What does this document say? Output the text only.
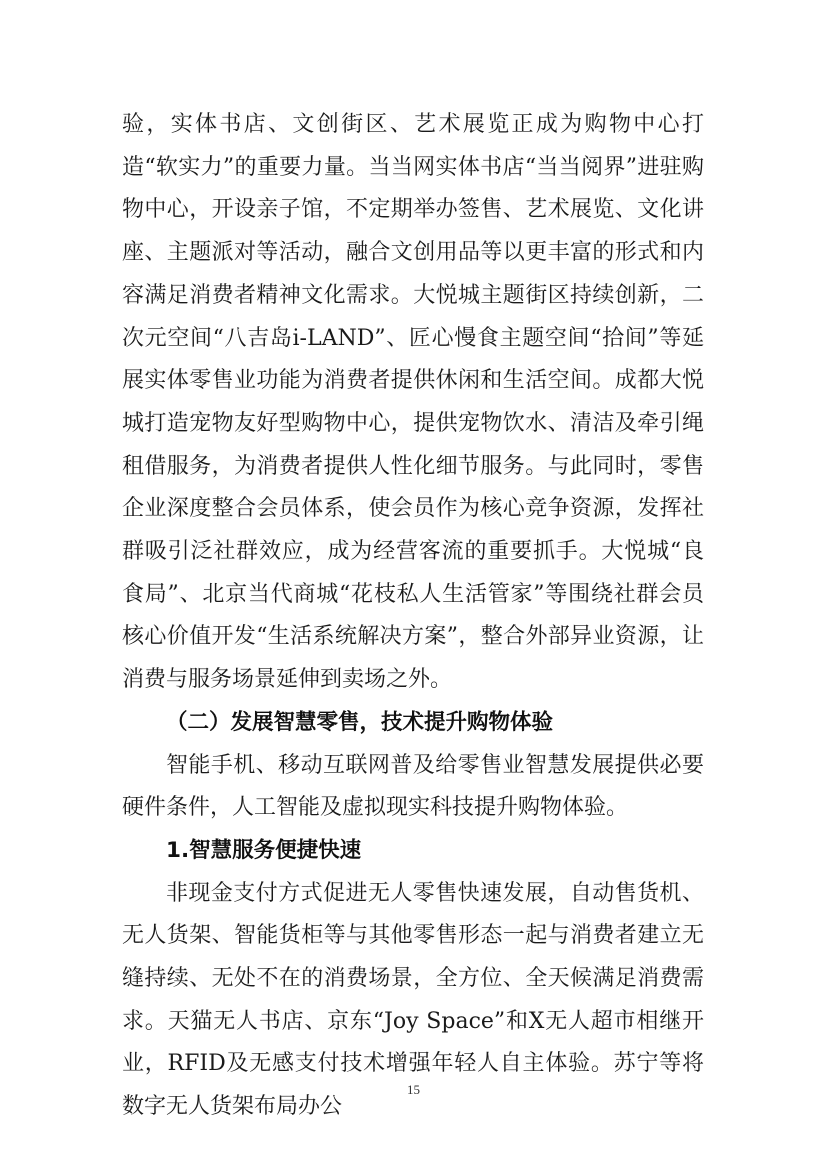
验，实体书店、文创街区、艺术展览正成为购物中心打造“软实力”的重要力量。当当网实体书店“当当阅界”进驻购物中心，开设亲子馆，不定期举办签售、艺术展览、文化讲座、主题派对等活动，融合文创用品等以更丰富的形式和内容满足消费者精神文化需求。大悦城主题街区持续创新，二次元空间“八吉岛i-LAND”、匠心慢食主题空间“拾间”等延展实体零售业功能为消费者提供休闲和生活空间。成都大悦城打造宠物友好型购物中心，提供宠物饮水、清洁及牵引绳租借服务，为消费者提供人性化细节服务。与此同时，零售企业深度整合会员体系，使会员作为核心竞争资源，发挥社群吸引泛社群效应，成为经营客流的重要抓手。大悦城“良食局”、北京当代商城“花枝私人生活管家”等围绕社群会员核心价值开发“生活系统解决方案”，整合外部异业资源，让消费与服务场景延伸到卖场之外。

（二）发展智慧零售，技术提升购物体验

智能手机、移动互联网普及给零售业智慧发展提供必要硬件条件，人工智能及虚拟现实科技提升购物体验。

1.智慧服务便捷快速

非现金支付方式促进无人零售快速发展，自动售货机、无人货架、智能货柜等与其他零售形态一起与消费者建立无缝持续、无处不在的消费场景，全方位、全天候满足消费需求。天猫无人书店、京东“Joy Space”和X无人超市相继开业，RFID及无感支付技术增强年轻人自主体验。苏宁等将数字无人货架布局办公

15
